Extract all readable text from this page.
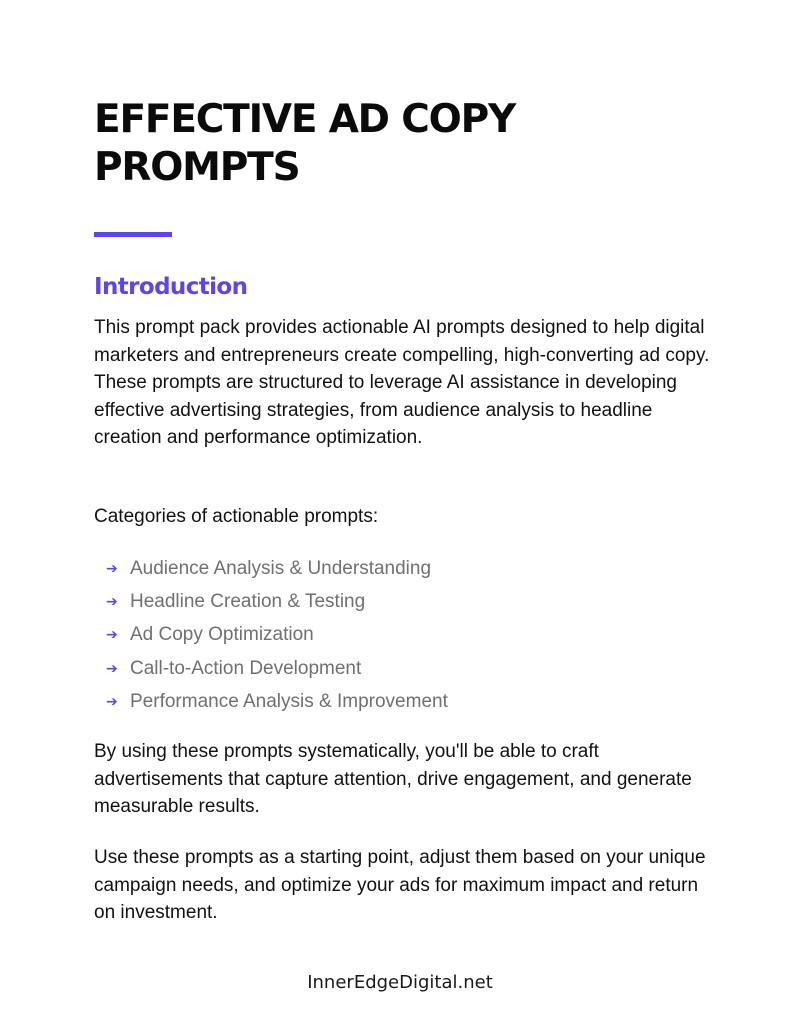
EFFECTIVE AD COPY
PROMPTS
Introduction

This prompt pack provides actionable AI prompts designed to help digital marketers and entrepreneurs create compelling, high-converting ad copy. These prompts are structured to leverage AI assistance in developing effective advertising strategies, from audience analysis to headline creation and performance optimization.

Categories of actionable prompts:

➔ Audience Analysis & Understanding
➔ Headline Creation & Testing
➔ Ad Copy Optimization
➔ Call-to-Action Development
➔ Performance Analysis & Improvement

By using these prompts systematically, you'll be able to craft advertisements that capture attention, drive engagement, and generate measurable results.

Use these prompts as a starting point, adjust them based on your unique campaign needs, and optimize your ads for maximum impact and return on investment.

InnerEdgeDigital.net
